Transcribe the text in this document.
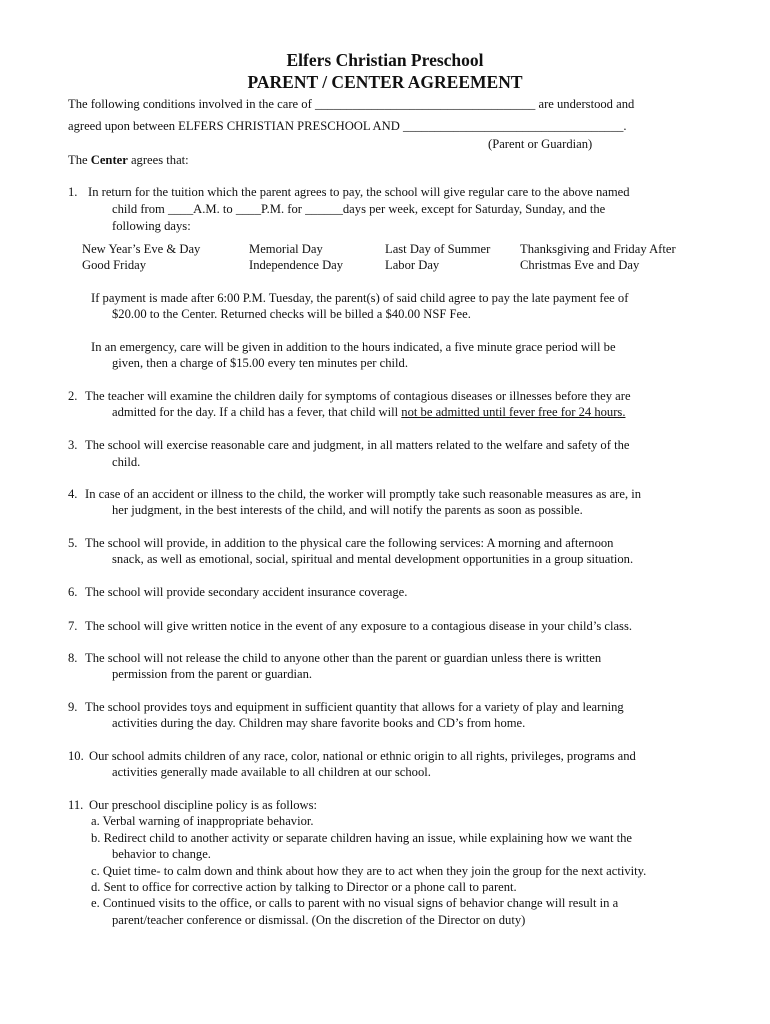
Elfers Christian Preschool
PARENT / CENTER AGREEMENT
The following conditions involved in the care of ___________________________________ are understood and
agreed upon between ELFERS CHRISTIAN PRESCHOOL AND ___________________________________.
(Parent or Guardian)
The Center agrees that:
1. In return for the tuition which the parent agrees to pay, the school will give regular care to the above named
child from ____A.M. to ____P.M. for ______days per week, except for Saturday, Sunday, and the
following days:
New Year’s Eve & Day
Good Friday
Memorial Day
Independence Day
Last Day of Summer
Labor Day
Thanksgiving and Friday After
Christmas Eve and Day
If payment is made after 6:00 P.M. Tuesday, the parent(s) of said child agree to pay the late payment fee of
$20.00 to the Center. Returned checks will be billed a $40.00 NSF Fee.
In an emergency, care will be given in addition to the hours indicated, a five minute grace period will be
given, then a charge of $15.00 every ten minutes per child.
2. The teacher will examine the children daily for symptoms of contagious diseases or illnesses before they are
admitted for the day. If a child has a fever, that child will not be admitted until fever free for 24 hours.
3. The school will exercise reasonable care and judgment, in all matters related to the welfare and safety of the
child.
4. In case of an accident or illness to the child, the worker will promptly take such reasonable measures as are, in
her judgment, in the best interests of the child, and will notify the parents as soon as possible.
5. The school will provide, in addition to the physical care the following services: A morning and afternoon
snack, as well as emotional, social, spiritual and mental development opportunities in a group situation.
6. The school will provide secondary accident insurance coverage.
7. The school will give written notice in the event of any exposure to a contagious disease in your child’s class.
8. The school will not release the child to anyone other than the parent or guardian unless there is written
permission from the parent or guardian.
9. The school provides toys and equipment in sufficient quantity that allows for a variety of play and learning
activities during the day. Children may share favorite books and CD’s from home.
10. Our school admits children of any race, color, national or ethnic origin to all rights, privileges, programs and
activities generally made available to all children at our school.
11. Our preschool discipline policy is as follows:
a. Verbal warning of inappropriate behavior.
b. Redirect child to another activity or separate children having an issue, while explaining how we want the
behavior to change.
c. Quiet time- to calm down and think about how they are to act when they join the group for the next activity.
d. Sent to office for corrective action by talking to Director or a phone call to parent.
e. Continued visits to the office, or calls to parent with no visual signs of behavior change will result in a
parent/teacher conference or dismissal. (On the discretion of the Director on duty)
